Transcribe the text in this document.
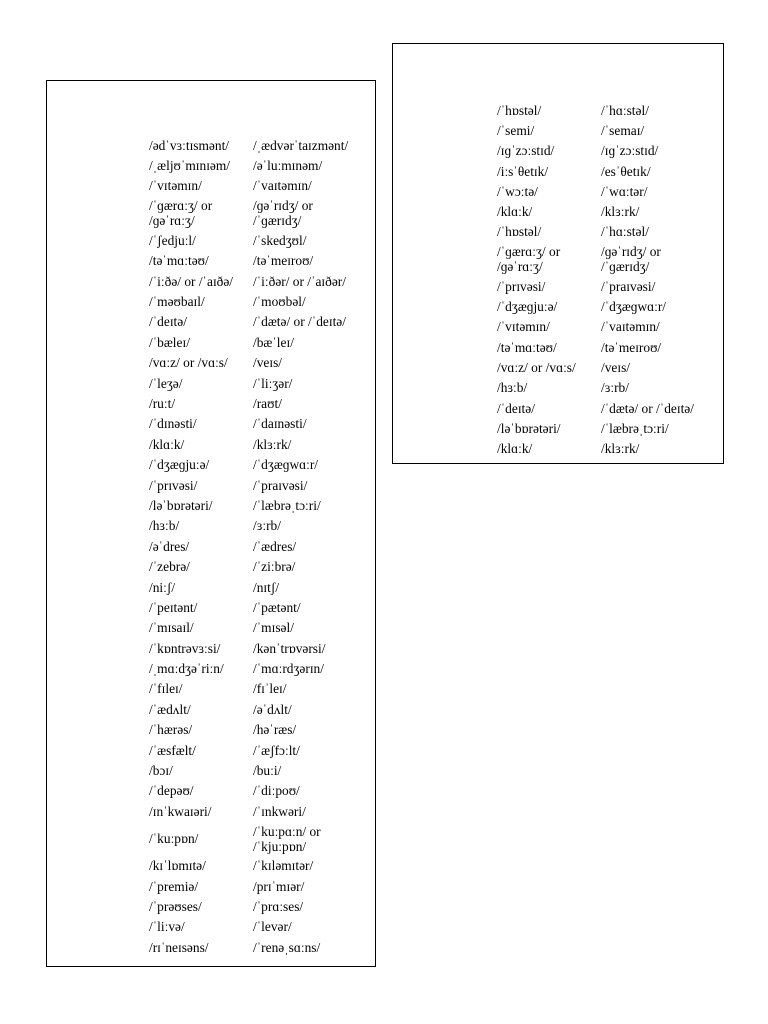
/ədˈvɜːtɪsmənt/	/ˌædvərˈtaɪzmənt/
/ˌæljʊˈmɪnɪəm/	/əˈluːmɪnəm/
/ˈvɪtəmɪn/	/ˈvaɪtəmɪn/
/ˈɡærɑːʒ/ or
/ɡəˈrɑːʒ/	/ɡəˈrɪdʒ/ or
/ˈɡærɪdʒ/
/ˈʃedjuːl/	/ˈskedʒʊl/
/təˈmɑːtəʊ/	/təˈmeɪroʊ/
/ˈiːðə/ or /ˈaɪðə/	/ˈiːðər/ or /ˈaɪðər/
/ˈməʊbaɪl/	/ˈmoʊbəl/
/ˈdeɪtə/	/ˈdætə/ or /ˈdeɪtə/
/ˈbæleɪ/	/bæˈleɪ/
/vɑːz/ or /vɑːs/	/veɪs/
/ˈleʒə/	/ˈliːʒər/
/ruːt/	/raʊt/
/ˈdɪnəsti/	/ˈdaɪnəsti/
/klɑːk/	/klɜːrk/
/ˈdʒæɡjuːə/	/ˈdʒæɡwɑːr/
/ˈprɪvəsi/	/ˈpraɪvəsi/
/ləˈbɒrətəri/	/ˈlæbrəˌtɔːri/
/hɜːb/	/ɜːrb/
/əˈdres/	/ˈædres/
/ˈzebrə/	/ˈziːbrə/
/niːʃ/	/nɪtʃ/
/ˈpeɪtənt/	/ˈpætənt/
/ˈmɪsaɪl/	/ˈmɪsəl/
/ˈkɒntrəvɜːsi/	/kənˈtrɒvərsi/
/ˌmɑːdʒəˈriːn/	/ˈmɑːrdʒərɪn/
/ˈfɪleɪ/	/fɪˈleɪ/
/ˈædʌlt/	/əˈdʌlt/
/ˈhærəs/	/həˈræs/
/ˈæsfælt/	/ˈæʃfɔːlt/
/bɔɪ/	/buːi/
/ˈdepəʊ/	/ˈdiːpoʊ/
/ɪnˈkwaɪəri/	/ˈɪnkwəri/
/ˈkuːpɒn/	/ˈkuːpɑːn/ or
/ˈkjuːpɒn/
/kɪˈlɒmɪtə/	/ˈkɪləmɪtər/
/ˈpremiə/	/prɪˈmɪər/
/ˈprəʊses/	/ˈprɑːses/
/ˈliːvə/	/ˈlevər/
/rɪˈneɪsəns/	/ˈrenəˌsɑːns/
/ˈhɒstəl/	/ˈhɑːstəl/
/ˈsemi/	/ˈsemaɪ/
/ɪɡˈzɔːstɪd/	/ɪɡˈzɔːstɪd/
/iːsˈθetɪk/	/esˈθetɪk/
/ˈwɔːtə/	/ˈwɑːtər/
/klɑːk/	/klɜːrk/
/ˈhɒstəl/	/ˈhɑːstəl/
/ˈɡærɑːʒ/ or
/ɡəˈrɑːʒ/	/ɡəˈrɪdʒ/ or
/ˈɡærɪdʒ/
/ˈprɪvəsi/	/ˈpraɪvəsi/
/ˈdʒæɡjuːə/	/ˈdʒæɡwɑːr/
/ˈvɪtəmɪn/	/ˈvaɪtəmɪn/
/təˈmɑːtəʊ/	/təˈmeɪroʊ/
/vɑːz/ or /vɑːs/	/veɪs/
/hɜːb/	/ɜːrb/
/ˈdeɪtə/	/ˈdætə/ or /ˈdeɪtə/
/ləˈbɒrətəri/	/ˈlæbrəˌtɔːri/
/klɑːk/	/klɜːrk/
